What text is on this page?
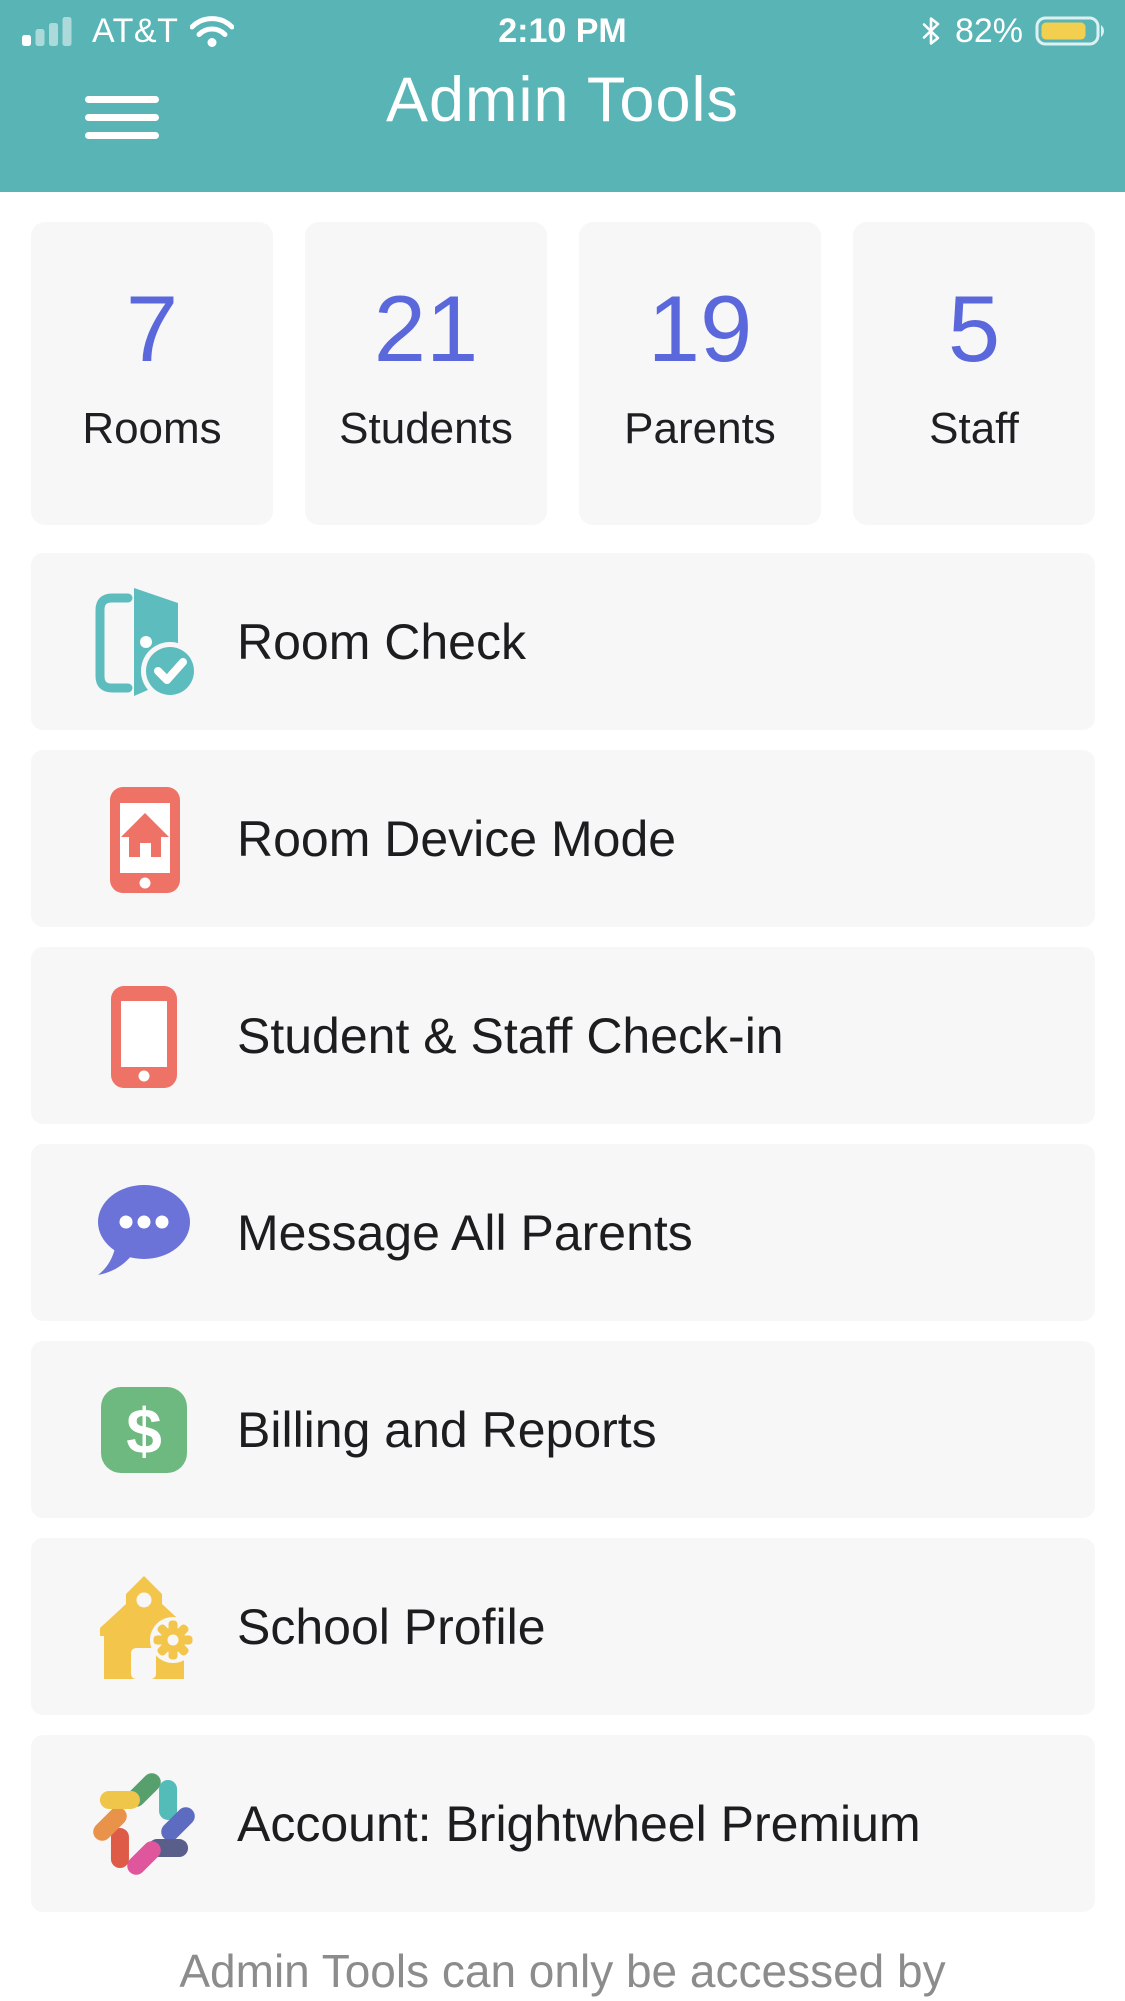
AT&T	2:10 PM	82%
Admin Tools
7
Rooms
21
Students
19
Parents
5
Staff
Room Check
Room Device Mode
Student & Staff Check-in
Message All Parents
$ Billing and Reports
School Profile
Account: Brightwheel Premium
Admin Tools can only be accessed by
